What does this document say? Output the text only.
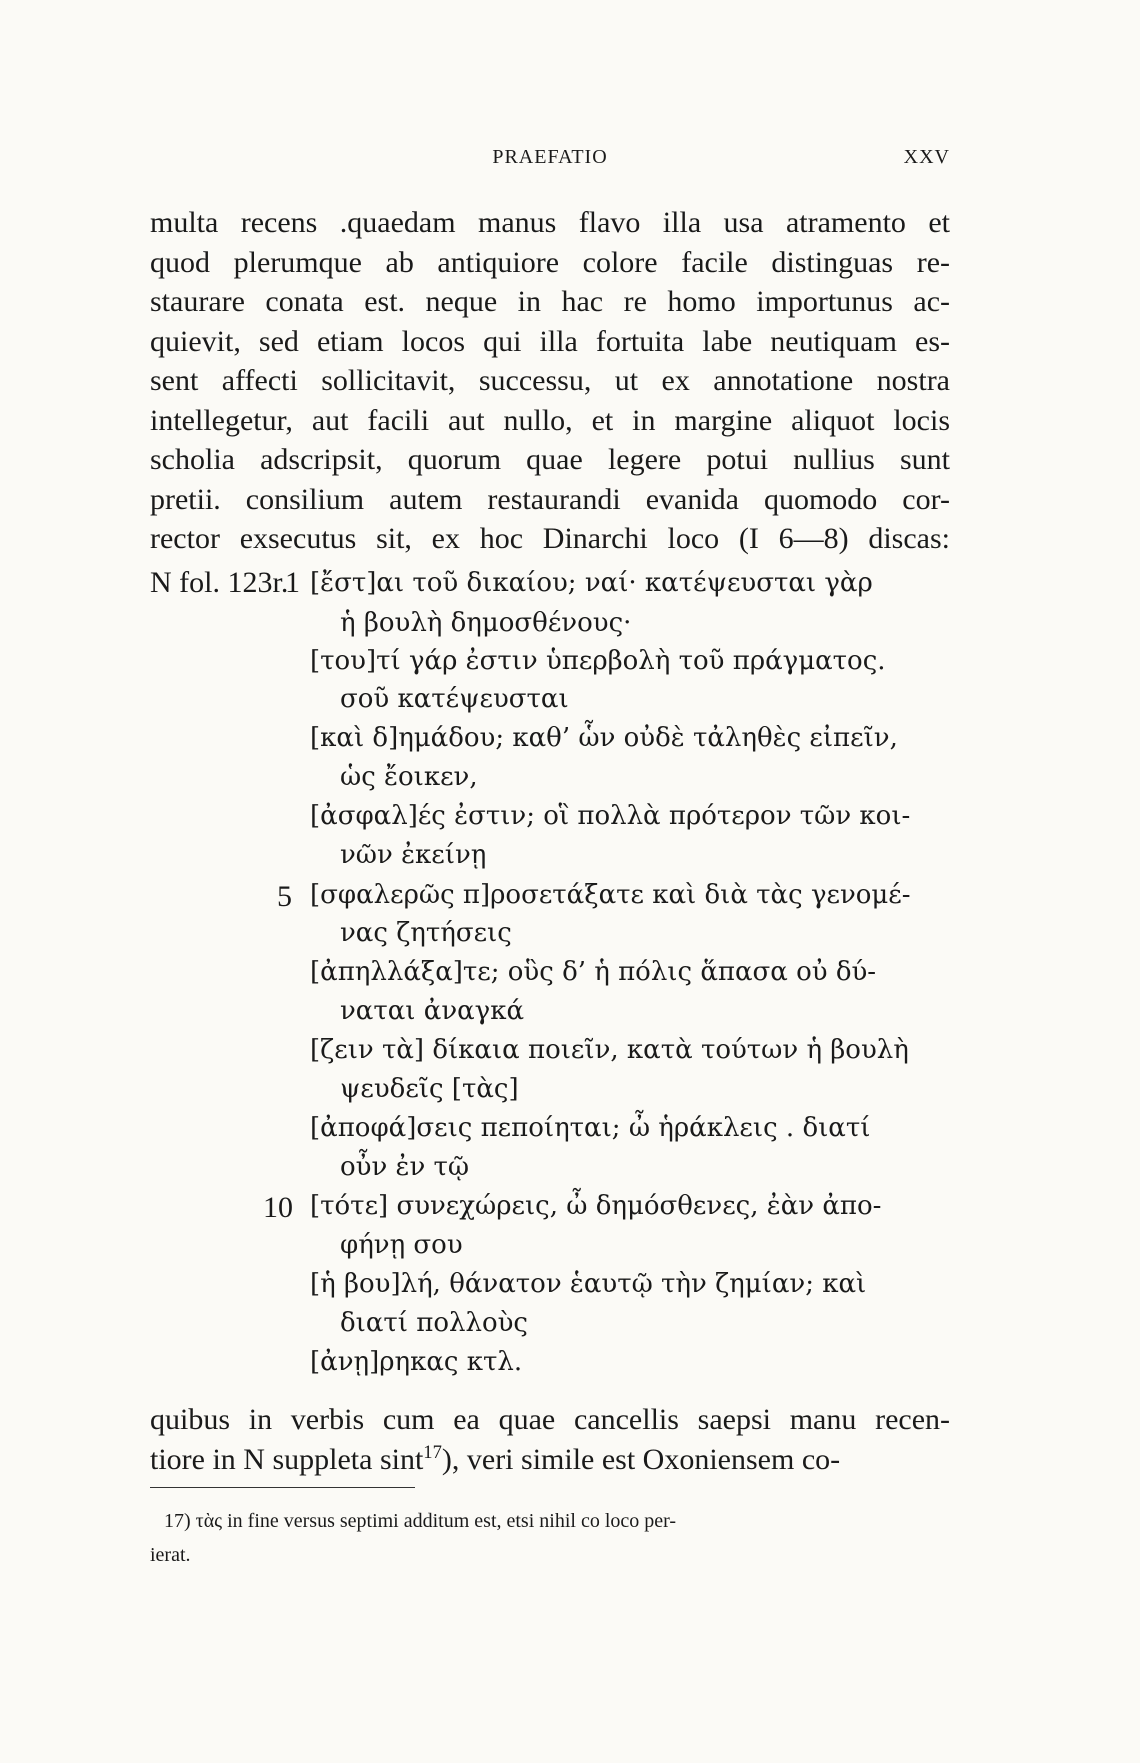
PRAEFATIO	XXV
multa recens .quaedam manus flavo illa usa atramento et
quod plerumque ab antiquiore colore facile distinguas re-
staurare conata est. neque in hac re homo importunus ac-
quievit, sed etiam locos qui illa fortuita labe neutiquam es-
sent affecti sollicitavit, successu, ut ex annotatione nostra
intellegetur, aut facili aut nullo, et in margine aliquot locis
scholia adscripsit, quorum quae legere potui nullius sunt
pretii. consilium autem restaurandi evanida quomodo cor-
rector exsecutus sit, ex hoc Dinarchi loco (I 6—8) discas:
N fol. 123r.
1
5
10
[ἔστ]αι τοῦ δικαίου; ναί· κατέψευσται γὰρ
ἡ βουλὴ δημοσθένους·
[του]τί γάρ ἐστιν ὑπερβολὴ τοῦ πράγματος.
σοῦ κατέψευσται
[καὶ δ]ημάδου; καθ’ ὧν οὐδὲ τἀληθὲς εἰπεῖν,
ὡς ἔοικεν,
[ἀσφαλ]ές ἐστιν; οἳ πολλὰ πρότερον τῶν κοι-
νῶν ἐκείνῃ
[σφαλερῶς π]ροσετάξατε καὶ διὰ τὰς γενομέ-
νας ζητήσεις
[ἀπηλλάξα]τε; οὓς δ’ ἡ πόλις ἅπασα οὐ δύ-
ναται ἀναγκά
[ζειν τὰ] δίκαια ποιεῖν, κατὰ τούτων ἡ βουλὴ
ψευδεῖς [τὰς]
[ἀποφά]σεις πεποίηται; ὦ ἡράκλεις . διατί
οὖν ἐν τῷ
[τότε] συνεχώρεις, ὦ δημόσθενες, ἐὰν ἀπο-
φήνῃ σου
[ἡ βου]λή, θάνατον ἑαυτῷ τὴν ζημίαν; καὶ
διατί πολλοὺς
[ἀνῃ]ρηκας κτλ.
quibus in verbis cum ea quae cancellis saepsi manu recen-
tiore in N suppleta sint$^{17}$), veri simile est Oxoniensem co-
17) τὰς in fine versus septimi additum est, etsi nihil co loco per-
ierat.
